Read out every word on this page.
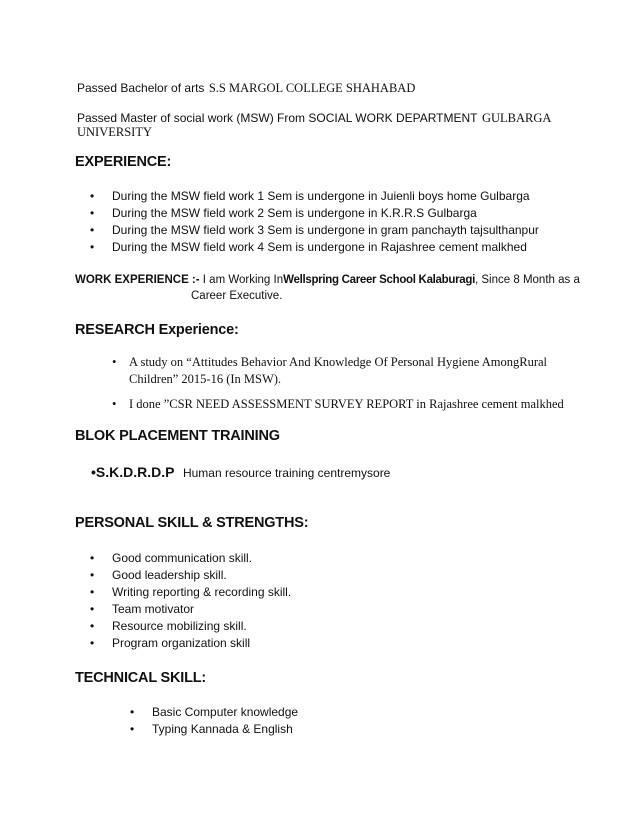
Passed Bachelor of arts S.S MARGOL COLLEGE SHAHABAD
Passed Master of social work (MSW) From SOCIAL WORK DEPARTMENT GULBARGA
UNIVERSITY
EXPERIENCE:
• During the MSW field work 1 Sem is undergone in Juienli boys home Gulbarga
• During the MSW field work 2 Sem is undergone in K.R.R.S Gulbarga
• During the MSW field work 3 Sem is undergone in gram panchayth tajsulthanpur
• During the MSW field work 4 Sem is undergone in Rajashree cement malkhed
WORK EXPERIENCE :- I am Working InWellspring Career School Kalaburagi, Since 8 Month as a
Career Executive.
RESEARCH Experience:
• A study on “Attitudes Behavior And Knowledge Of Personal Hygiene AmongRural
Children” 2015-16 (In MSW).
• I done ”CSR NEED ASSESSMENT SURVEY REPORT in Rajashree cement malkhed
BLOK PLACEMENT TRAINING
•S.K.D.R.D.P Human resource training centremysore
PERSONAL SKILL & STRENGTHS:
• Good communication skill.
• Good leadership skill.
• Writing reporting & recording skill.
• Team motivator
• Resource mobilizing skill.
• Program organization skill
TECHNICAL SKILL:
• Basic Computer knowledge
• Typing Kannada & English
